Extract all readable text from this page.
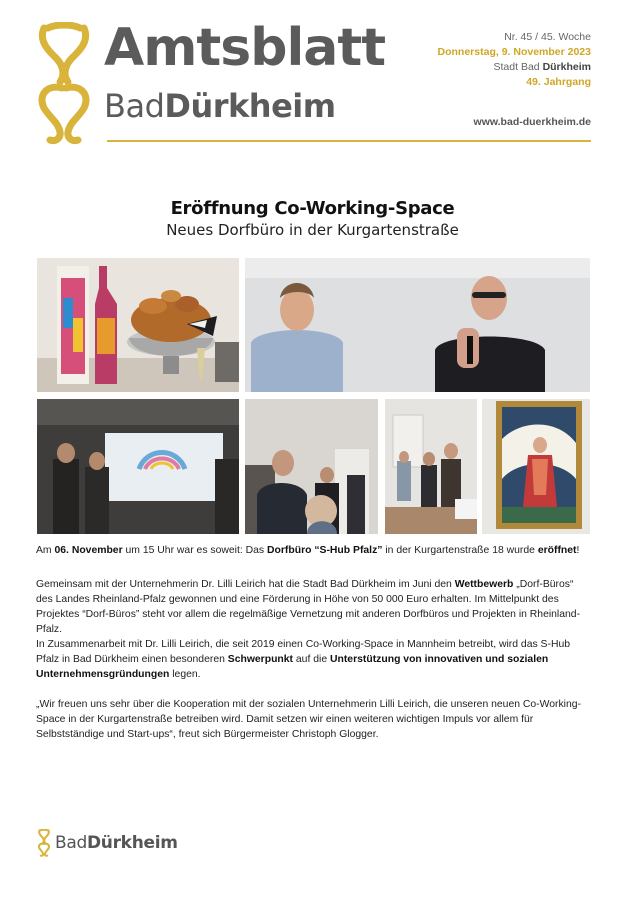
Amtsblatt
BadDürkheim
Nr. 45 / 45. Woche
Donnerstag, 9. November 2023
Stadt Bad Dürkheim
49. Jahrgang
www.bad-duerkheim.de
Eröffnung Co-Working-Space
Neues Dorfbüro in der Kurgartenstraße

Am 06. November um 15 Uhr war es soweit: Das Dorfbüro “S-Hub Pfalz” in der Kurgartenstraße 18 wurde eröffnet!

Gemeinsam mit der Unternehmerin Dr. Lilli Leirich hat die Stadt Bad Dürkheim im Juni den Wettbewerb „Dorf-Büros“ des Landes Rheinland-Pfalz gewonnen und eine Förderung in Höhe von 50 000 Euro erhalten. Im Mittelpunkt des Projektes “Dorf-Büros” steht vor allem die regelmäßige Vernetzung mit anderen Dorfbüros und Projekten in Rheinland-Pfalz.

In Zusammenarbeit mit Dr. Lilli Leirich, die seit 2019 einen Co-Working-Space in Mannheim betreibt, wird das S-Hub Pfalz in Bad Dürkheim einen besonderen Schwerpunkt auf die Unterstützung von innovativen und sozialen Unternehmensgründungen legen.

„Wir freuen uns sehr über die Kooperation mit der sozialen Unternehmerin Lilli Leirich, die unseren neuen Co-Working-Space in der Kurgartenstraße betreiben wird. Damit setzen wir einen weiteren wichtigen Impuls vor allem für Selbstständige und Start-ups“, freut sich Bürgermeister Christoph Glogger.

BadDürkheim
